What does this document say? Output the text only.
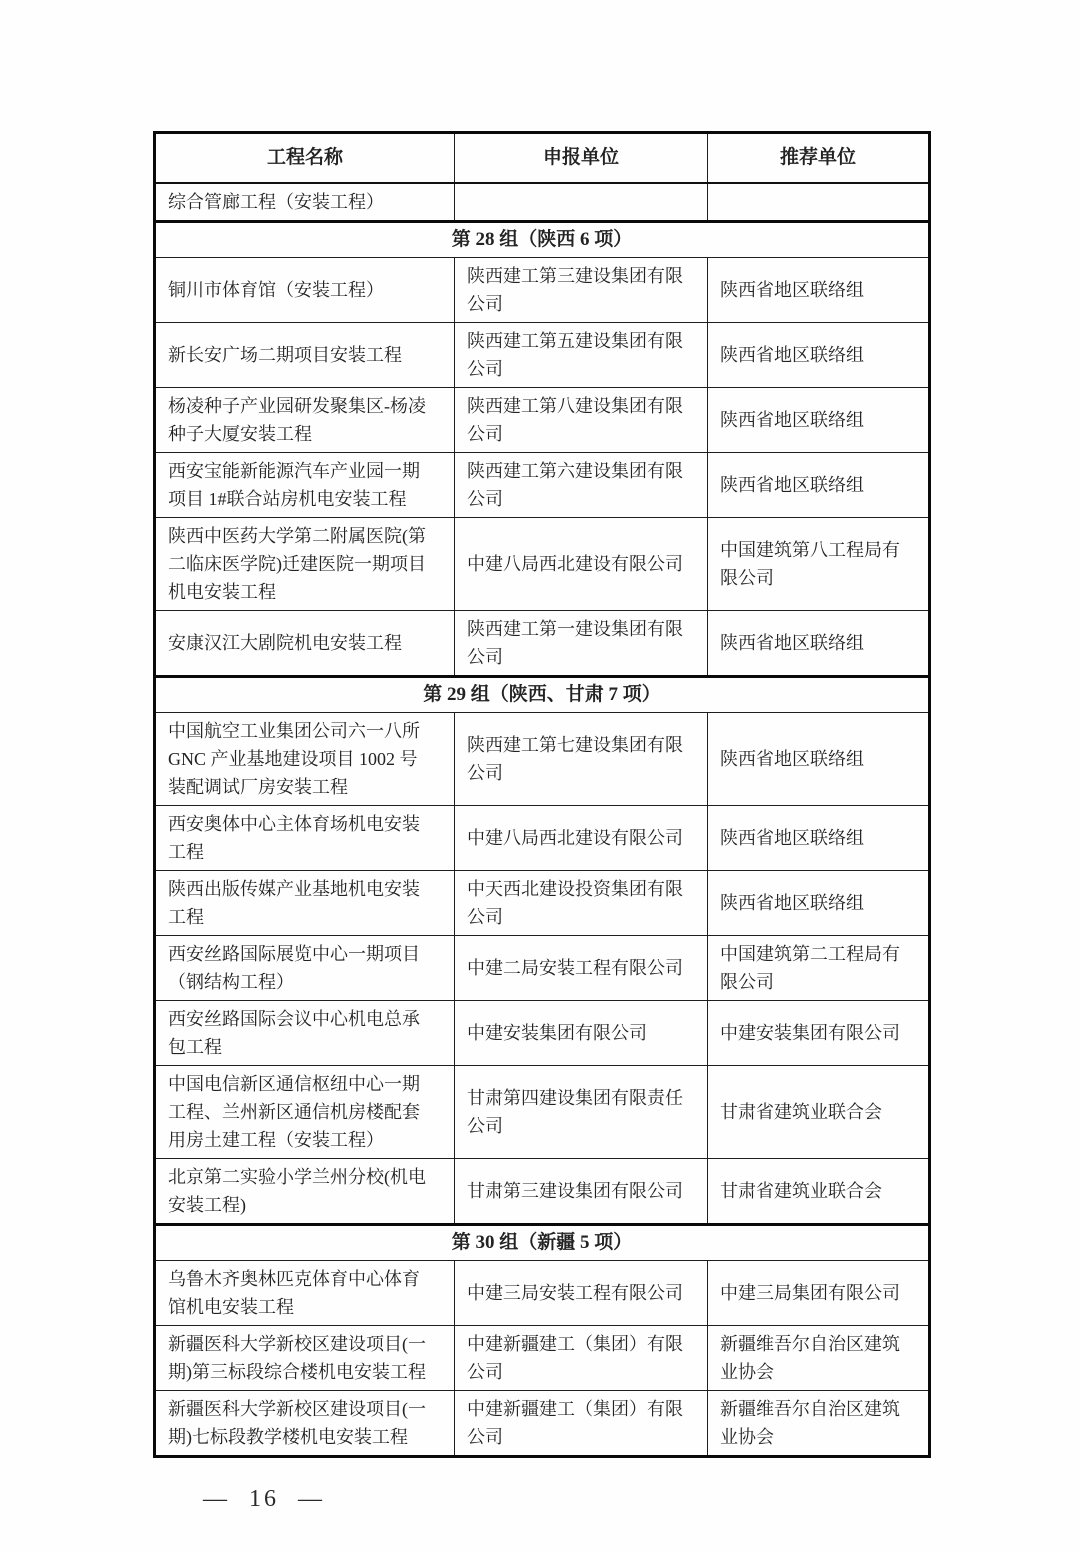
工程名称	申报单位	推荐单位
综合管廊工程（安装工程）		
第 28 组（陕西 6 项）		
铜川市体育馆（安装工程）	陕西建工第三建设集团有限公司	陕西省地区联络组
新长安广场二期项目安装工程	陕西建工第五建设集团有限公司	陕西省地区联络组
杨凌种子产业园研发聚集区-杨凌种子大厦安装工程	陕西建工第八建设集团有限公司	陕西省地区联络组
西安宝能新能源汽车产业园一期项目 1#联合站房机电安装工程	陕西建工第六建设集团有限公司	陕西省地区联络组
陕西中医药大学第二附属医院(第二临床医学院)迁建医院一期项目机电安装工程	中建八局西北建设有限公司	中国建筑第八工程局有限公司
安康汉江大剧院机电安装工程	陕西建工第一建设集团有限公司	陕西省地区联络组
第 29 组（陕西、甘肃 7 项）		
中国航空工业集团公司六一八所 GNC 产业基地建设项目 1002 号装配调试厂房安装工程	陕西建工第七建设集团有限公司	陕西省地区联络组
西安奥体中心主体育场机电安装工程	中建八局西北建设有限公司	陕西省地区联络组
陕西出版传媒产业基地机电安装工程	中天西北建设投资集团有限公司	陕西省地区联络组
西安丝路国际展览中心一期项目（钢结构工程）	中建二局安装工程有限公司	中国建筑第二工程局有限公司
西安丝路国际会议中心机电总承包工程	中建安装集团有限公司	中建安装集团有限公司
中国电信新区通信枢纽中心一期工程、兰州新区通信机房楼配套用房土建工程（安装工程）	甘肃第四建设集团有限责任公司	甘肃省建筑业联合会
北京第二实验小学兰州分校(机电安装工程)	甘肃第三建设集团有限公司	甘肃省建筑业联合会
第 30 组（新疆 5 项）		
乌鲁木齐奥林匹克体育中心体育馆机电安装工程	中建三局安装工程有限公司	中建三局集团有限公司
新疆医科大学新校区建设项目(一期)第三标段综合楼机电安装工程	中建新疆建工（集团）有限公司	新疆维吾尔自治区建筑业协会
新疆医科大学新校区建设项目(一期)七标段教学楼机电安装工程	中建新疆建工（集团）有限公司	新疆维吾尔自治区建筑业协会
— 16 —
